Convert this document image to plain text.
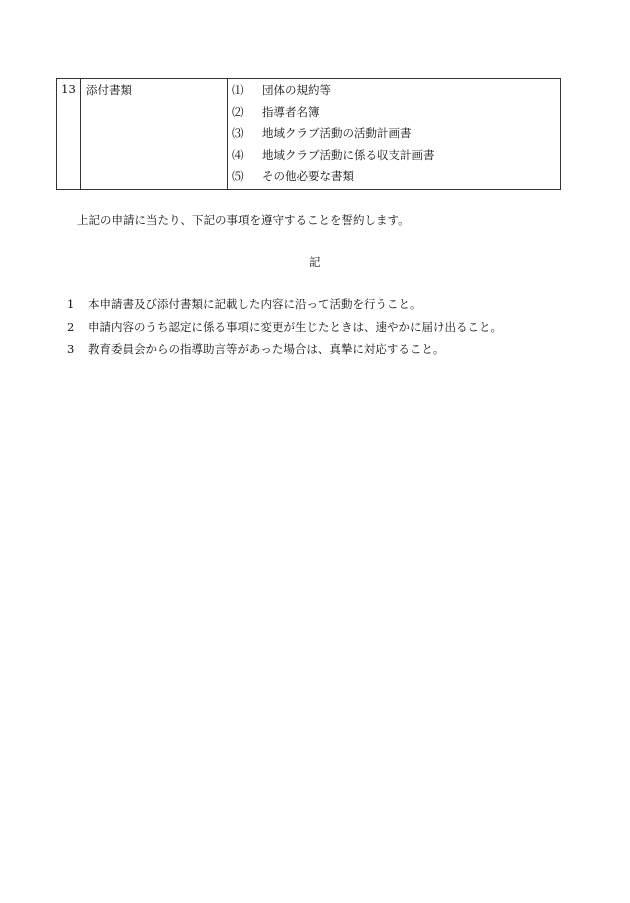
13	添付書類	⑴ 団体の規約等
⑵ 指導者名簿
⑶ 地域クラブ活動の活動計画書
⑷ 地域クラブ活動に係る収支計画書
⑸ その他必要な書類
上記の申請に当たり、下記の事項を遵守することを誓約します。
記
1 本申請書及び添付書類に記載した内容に沿って活動を行うこと。
2 申請内容のうち認定に係る事項に変更が生じたときは、速やかに届け出ること。
3 教育委員会からの指導助言等があった場合は、真摯に対応すること。
